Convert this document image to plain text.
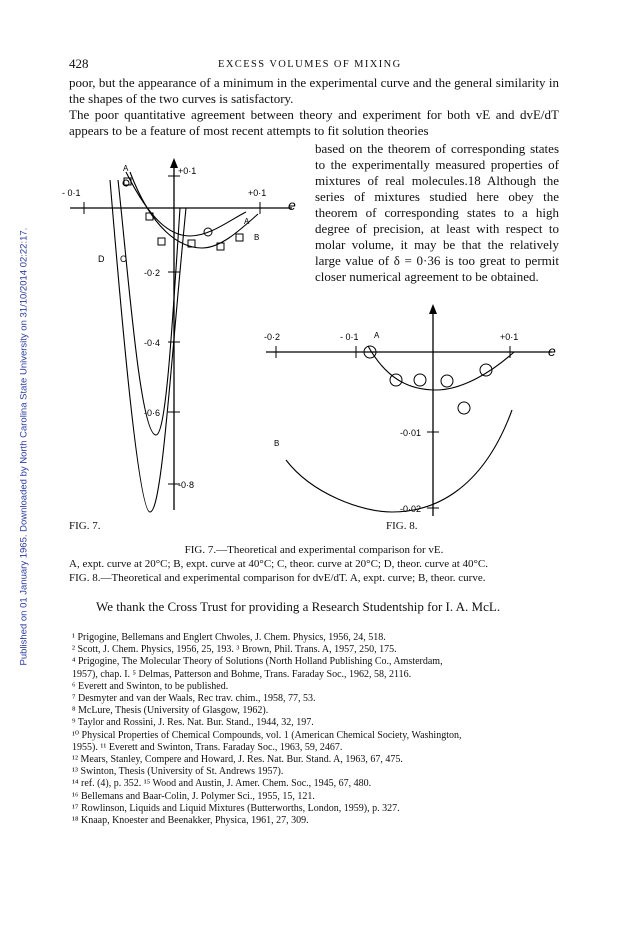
Published on 01 January 1965. Downloaded by North Carolina State University on 31/10/2014 02:22:17.
428	EXCESS VOLUMES OF MIXING
poor, but the appearance of a minimum in the experimental curve and the general similarity in the shapes of the two curves is satisfactory.
The poor quantitative agreement between theory and experiment for both vE and dvE/dT appears to be a feature of most recent attempts to fit solution theories
based on the theorem of corresponding states to the experimentally measured properties of mixtures of real molecules.18 Although the series of mixtures studied here obey the theorem of corresponding states to a high degree of precision, at least with respect to molar volume, it may be that the relatively large value of δ = 0·36 is too great to permit closer numerical agreement to be obtained.
- 0·1	+0·1
+0·1
-0·2
-0·4
-0·6
-0·8
e
A
A
B
C
D
-0·2	- 0·1	+0·1
-0·01
-0·02
e
A
B
FIG. 7.	FIG. 8.
FIG. 7.—Theoretical and experimental comparison for vE.
A, expt. curve at 20°C; B, expt. curve at 40°C; C, theor. curve at 20°C; D, theor. curve at 40°C.
FIG. 8.—Theoretical and experimental comparison for dvE/dT. A, expt. curve; B, theor. curve.
We thank the Cross Trust for providing a Research Studentship for I. A. McL.
¹ Prigogine, Bellemans and Englert Chwoles, J. Chem. Physics, 1956, 24, 518.
² Scott, J. Chem. Physics, 1956, 25, 193. ³ Brown, Phil. Trans. A, 1957, 250, 175.
⁴ Prigogine, The Molecular Theory of Solutions (North Holland Publishing Co., Amsterdam,
1957), chap. I. ⁵ Delmas, Patterson and Bohme, Trans. Faraday Soc., 1962, 58, 2116.
⁶ Everett and Swinton, to be published.
⁷ Desmyter and van der Waals, Rec trav. chim., 1958, 77, 53.
⁸ McLure, Thesis (University of Glasgow, 1962).
⁹ Taylor and Rossini, J. Res. Nat. Bur. Stand., 1944, 32, 197.
¹⁰ Physical Properties of Chemical Compounds, vol. 1 (American Chemical Society, Washington,
1955). ¹¹ Everett and Swinton, Trans. Faraday Soc., 1963, 59, 2467.
¹² Mears, Stanley, Compere and Howard, J. Res. Nat. Bur. Stand. A, 1963, 67, 475.
¹³ Swinton, Thesis (University of St. Andrews 1957).
¹⁴ ref. (4), p. 352. ¹⁵ Wood and Austin, J. Amer. Chem. Soc., 1945, 67, 480.
¹⁶ Bellemans and Baar-Colin, J. Polymer Sci., 1955, 15, 121.
¹⁷ Rowlinson, Liquids and Liquid Mixtures (Butterworths, London, 1959), p. 327.
¹⁸ Knaap, Knoester and Beenakker, Physica, 1961, 27, 309.
